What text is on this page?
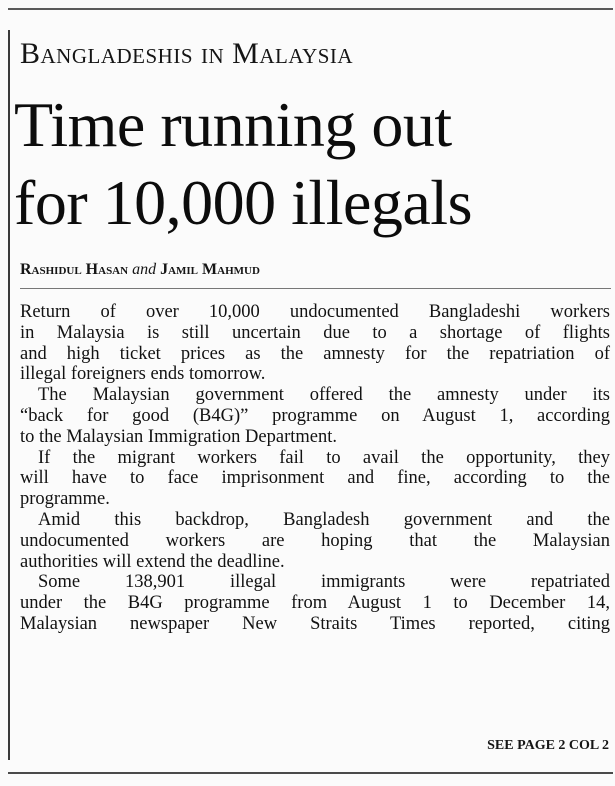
Bangladeshis in Malaysia
Time running out
for 10,000 illegals
Rashidul Hasan and Jamil Mahmud
Return of over 10,000 undocumented Bangladeshi workers
in Malaysia is still uncertain due to a shortage of flights
and high ticket prices as the amnesty for the repatriation of
illegal foreigners ends tomorrow.
The Malaysian government offered the amnesty under its
“back for good (B4G)” programme on August 1, according
to the Malaysian Immigration Department.
If the migrant workers fail to avail the opportunity, they
will have to face imprisonment and fine, according to the
programme.
Amid this backdrop, Bangladesh government and the
undocumented workers are hoping that the Malaysian
authorities will extend the deadline.
Some 138,901 illegal immigrants were repatriated
under the B4G programme from August 1 to December 14,
Malaysian newspaper New Straits Times reported, citing
SEE PAGE 2 COL 2
